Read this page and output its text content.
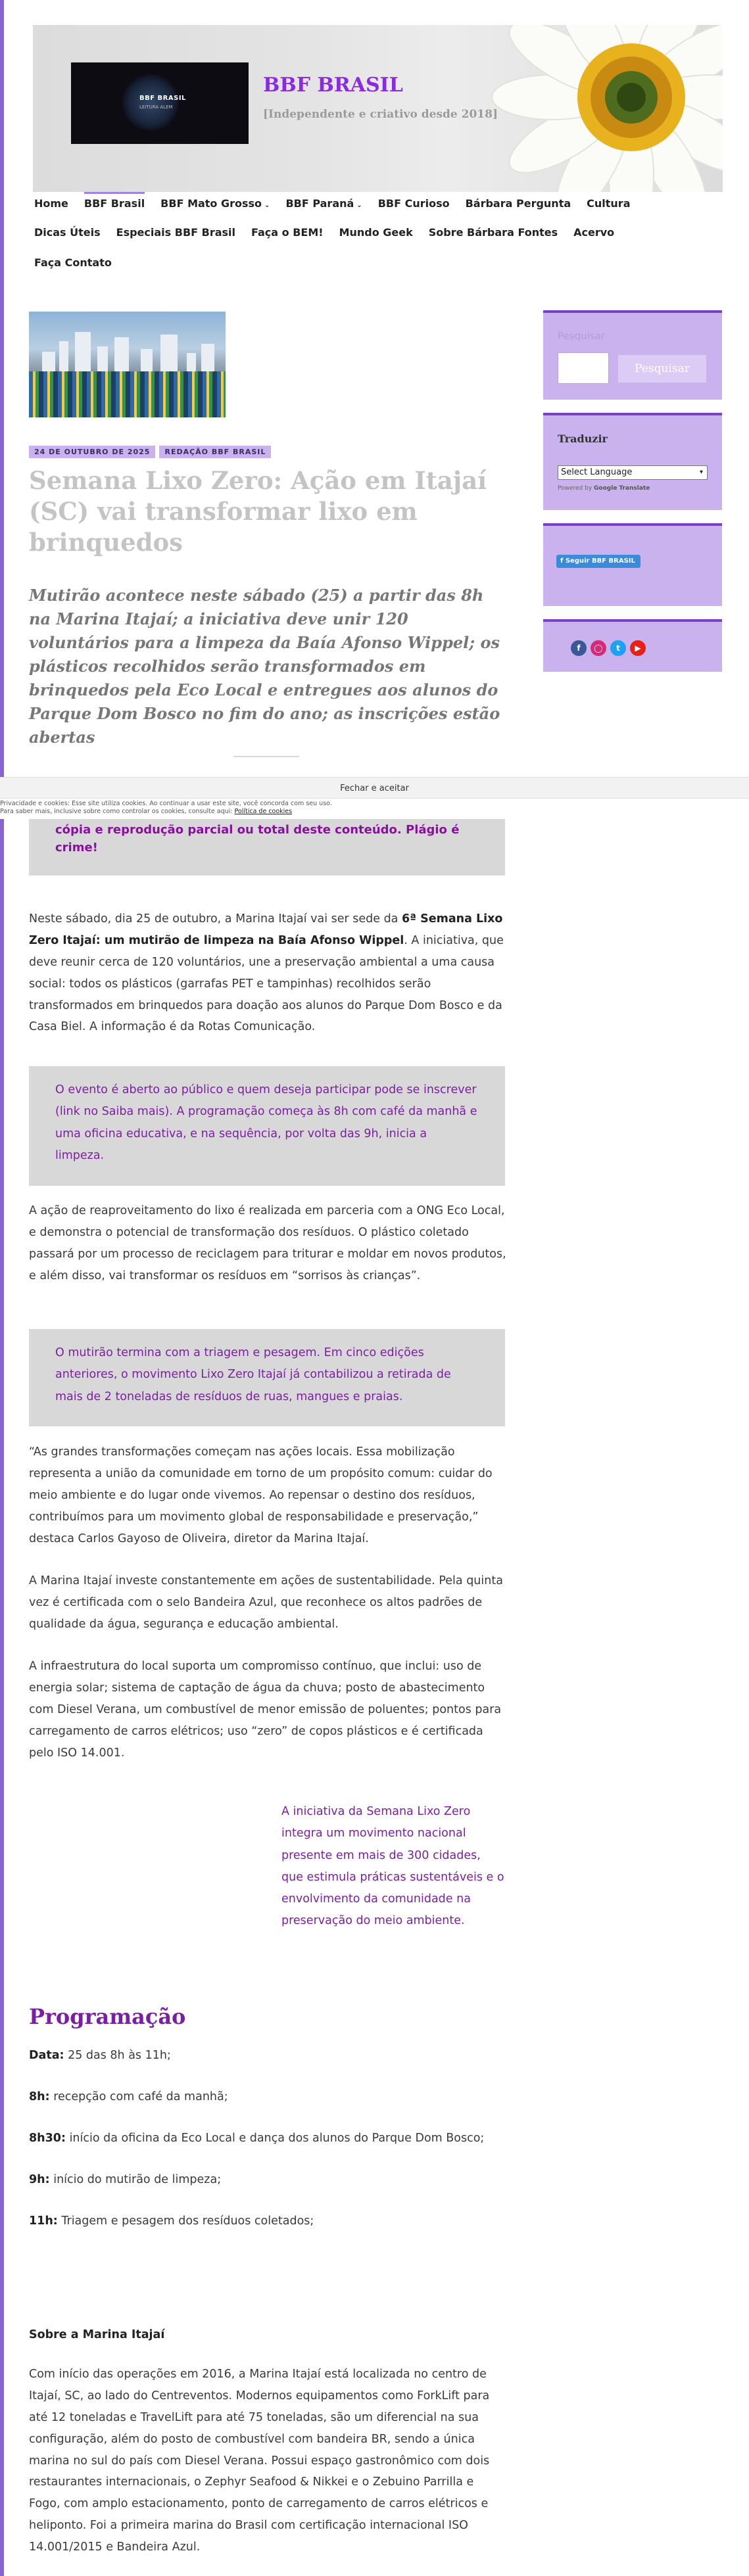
BBF BRASIL
LEITURA ALEM
BBF BRASIL
[Independente e criativo desde 2018]
Home	BBF Brasil	BBF Mato Grosso ⌄	BBF Paraná ⌄	BBF Curioso	Bárbara Pergunta	Cultura
Dicas Úteis	Especiais BBF Brasil	Faça o BEM!	Mundo Geek	Sobre Bárbara Fontes	Acervo
Faça Contato
24 DE OUTUBRO DE 2025	REDAÇÃO BBF BRASIL
Semana Lixo Zero: Ação em Itajaí (SC) vai transformar lixo em brinquedos
Mutirão acontece neste sábado (25) a partir das 8h na Marina Itajaí; a iniciativa deve unir 120 voluntários para a limpeza da Baía Afonso Wippel; os plásticos recolhidos serão transformados em brinquedos pela Eco Local e entregues aos alunos do Parque Dom Bosco no fim do ano; as inscrições estão abertas
Fechar e aceitar
Privacidade e cookies: Esse site utiliza cookies. Ao continuar a usar este site, você concorda com seu uso.
Para saber mais, inclusive sobre como controlar os cookies, consulte aqui: Política de cookies
cópia e reprodução parcial ou total deste conteúdo. Plágio é crime!
Neste sábado, dia 25 de outubro, a Marina Itajaí vai ser sede da 6ª Semana Lixo Zero Itajaí: um mutirão de limpeza na Baía Afonso Wippel. A iniciativa, que deve reunir cerca de 120 voluntários, une a preservação ambiental a uma causa social: todos os plásticos (garrafas PET e tampinhas) recolhidos serão transformados em brinquedos para doação aos alunos do Parque Dom Bosco e da Casa Biel. A informação é da Rotas Comunicação.
O evento é aberto ao público e quem deseja participar pode se inscrever (link no Saiba mais). A programação começa às 8h com café da manhã e uma oficina educativa, e na sequência, por volta das 9h, inicia a limpeza.
A ação de reaproveitamento do lixo é realizada em parceria com a ONG Eco Local, e demonstra o potencial de transformação dos resíduos. O plástico coletado passará por um processo de reciclagem para triturar e moldar em novos produtos, e além disso, vai transformar os resíduos em “sorrisos às crianças”.
O mutirão termina com a triagem e pesagem. Em cinco edições anteriores, o movimento Lixo Zero Itajaí já contabilizou a retirada de mais de 2 toneladas de resíduos de ruas, mangues e praias.
“As grandes transformações começam nas ações locais. Essa mobilização representa a união da comunidade em torno de um propósito comum: cuidar do meio ambiente e do lugar onde vivemos. Ao repensar o destino dos resíduos, contribuímos para um movimento global de responsabilidade e preservação,” destaca Carlos Gayoso de Oliveira, diretor da Marina Itajaí.
A Marina Itajaí investe constantemente em ações de sustentabilidade. Pela quinta vez é certificada com o selo Bandeira Azul, que reconhece os altos padrões de qualidade da água, segurança e educação ambiental.
A infraestrutura do local suporta um compromisso contínuo, que inclui: uso de energia solar; sistema de captação de água da chuva; posto de abastecimento com Diesel Verana, um combustível de menor emissão de poluentes; pontos para carregamento de carros elétricos; uso “zero” de copos plásticos e é certificada pelo ISO 14.001.
A iniciativa da Semana Lixo Zero integra um movimento nacional presente em mais de 300 cidades, que estimula práticas sustentáveis e o envolvimento da comunidade na preservação do meio ambiente.
Programação
Data: 25 das 8h às 11h;
8h: recepção com café da manhã;
8h30: início da oficina da Eco Local e dança dos alunos do Parque Dom Bosco;
9h: início do mutirão de limpeza;
11h: Triagem e pesagem dos resíduos coletados;
Sobre a Marina Itajaí
Com início das operações em 2016, a Marina Itajaí está localizada no centro de Itajaí, SC, ao lado do Centreventos. Modernos equipamentos como ForkLift para até 12 toneladas e TravelLift para até 75 toneladas, são um diferencial na sua configuração, além do posto de combustível com bandeira BR, sendo a única marina no sul do país com Diesel Verana. Possui espaço gastronômico com dois restaurantes internacionais, o Zephyr Seafood & Nikkei e o Zebuino Parrilla e Fogo, com amplo estacionamento, ponto de carregamento de carros elétricos e heliponto. Foi a primeira marina do Brasil com certificação internacional ISO 14.001/2015 e Bandeira Azul.
Pesquisar
Pesquisar
Traduzir
Select Language	▾
Powered by Google Translate
f Seguir BBF BRASIL
f	◯	t	▶
